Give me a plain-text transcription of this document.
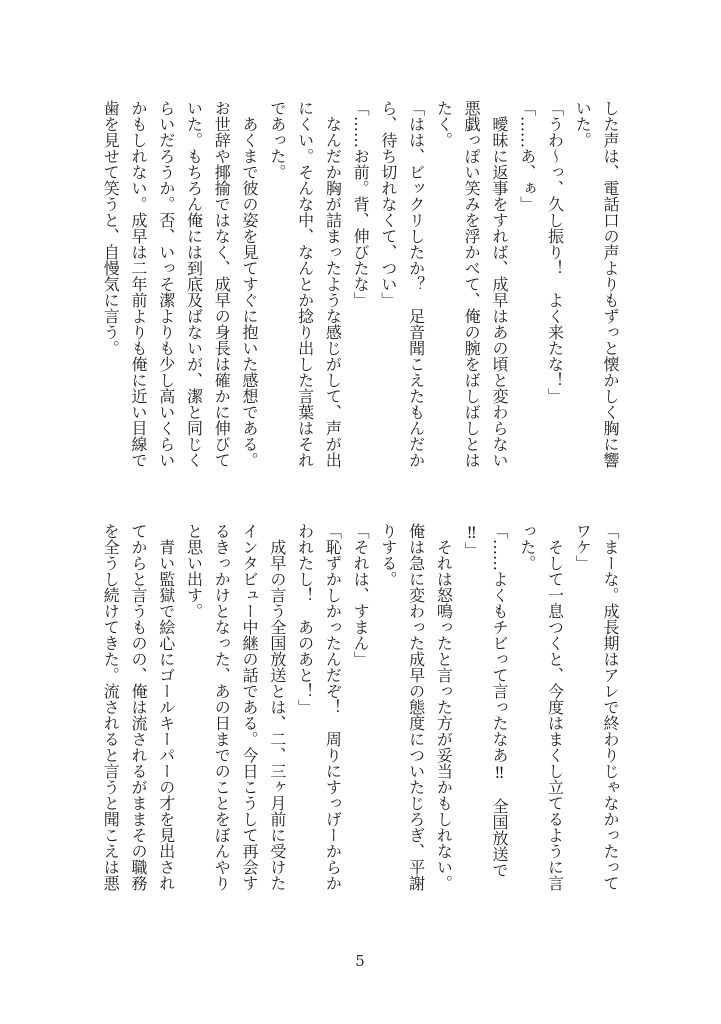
した声は、電話口の声よりもずっと懐かしく胸に響
いた。
「うわ～っ、久し振り！　よく来たな！」
「……あ、ぁ」
　曖昧に返事をすれば、成早はあの頃と変わらない
悪戯っぽい笑みを浮かべて、俺の腕をばしばしとは
たく。
「はは、ビックリしたか？　足音聞こえたもんだか
ら、待ち切れなくて、つい」
「……お前。背、伸びたな」
　なんだか胸が詰まったような感じがして、声が出
にくい。そんな中、なんとか捻り出した言葉はそれ
であった。
　あくまで彼の姿を見てすぐに抱いた感想である。
お世辞や揶揄ではなく、成早の身長は確かに伸びて
いた。もちろん俺には到底及ばないが、潔と同じく
らいだろうか。否、いっそ潔よりも少し高いくらい
かもしれない。成早は二年前よりも俺に近い目線で
歯を見せて笑うと、自慢気に言う。
「まーな。成長期はアレで終わりじゃなかったって
ワケ」
　そして一息つくと、今度はまくし立てるように言
った。
「……よくもチビって言ったなあ‼　全国放送で
‼」
　それは怒鳴ったと言った方が妥当かもしれない。
俺は急に変わった成早の態度についたじろぎ、平謝
りする。
「それは、すまん」
「恥ずかしかったんだぞ！　周りにすっげーからか
われたし！　あのあと！」
　成早の言う全国放送とは、二、三ヶ月前に受けた
インタビュー中継の話である。今日こうして再会す
るきっかけとなった、あの日までのことをぼんやり
と思い出す。
　青い監獄で絵心にゴールキーパーの才を見出され
てからと言うものの、俺は流されるがままその職務
を全うし続けてきた。流されると言うと聞こえは悪
5
